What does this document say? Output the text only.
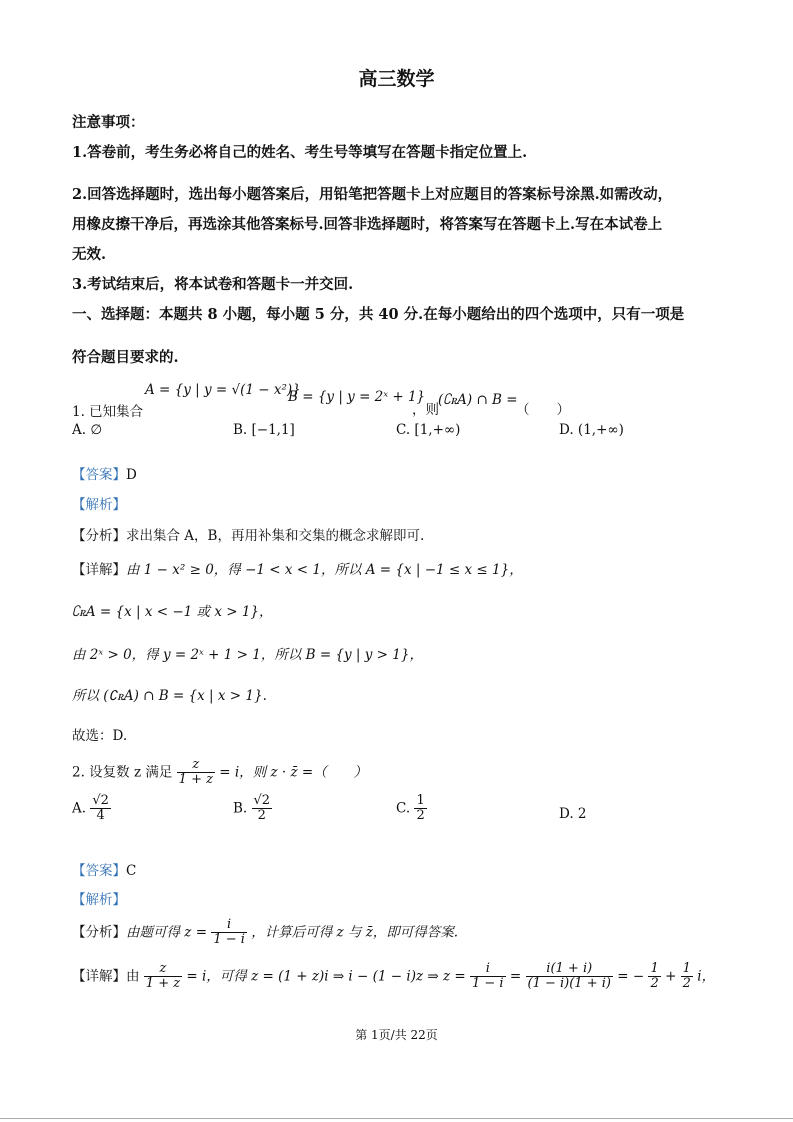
高三数学
注意事项：
1.答卷前，考生务必将自己的姓名、考生号等填写在答题卡指定位置上.
2.回答选择题时，选出每小题答案后，用铅笔把答题卡上对应题目的答案标号涂黑.如需改动，
用橡皮擦干净后，再选涂其他答案标号.回答非选择题时，将答案写在答题卡上.写在本试卷上
无效.
3.考试结束后，将本试卷和答题卡一并交回.
一、选择题：本题共 8 小题，每小题 5 分，共 40 分.在每小题给出的四个选项中，只有一项是
符合题目要求的.
1. 已知集合
A = {y | y = √(1 − x²)}
B = {y | y = 2ˣ + 1}
，则
(∁ꭱA) ∩ B =
（　　）
A. ∅	B. [−1,1]	C. [1,+∞)	D. (1,+∞)
【答案】D
【解析】
【分析】求出集合 A，B，再用补集和交集的概念求解即可.
【详解】由 1 − x² ≥ 0，得 −1 < x < 1，所以 A = {x | −1 ≤ x ≤ 1}，
∁ꭱA = {x | x < −1 或 x > 1}，
由 2ˣ > 0，得 y = 2ˣ + 1 > 1，所以 B = {y | y > 1}，
所以 (∁ꭱA) ∩ B = {x | x > 1}.
故选：D.
2. 设复数 z 满足 $\frac{z}{1 + z} = i$，则 z · z̄ =（　　）
A. $\frac{√2}{4}$	B. $\frac{√2}{2}$	C. $\frac{1}{2}$	D. 2
【答案】C
【解析】
【分析】由题可得 $z = \frac{i}{1 - i}$ ，计算后可得 z 与 z̄，即可得答案.
【详解】由 $\frac{z}{1 + z} = i$，可得 z = (1 + z)i ⇒ i − (1 − i)z ⇒ $z = \frac{i}{1 - i} = \frac{i(1 + i)}{(1 - i)(1 + i)}$ = − $\frac{1}{2} + \frac{1}{2}$ i，
第 1页/共 22页
